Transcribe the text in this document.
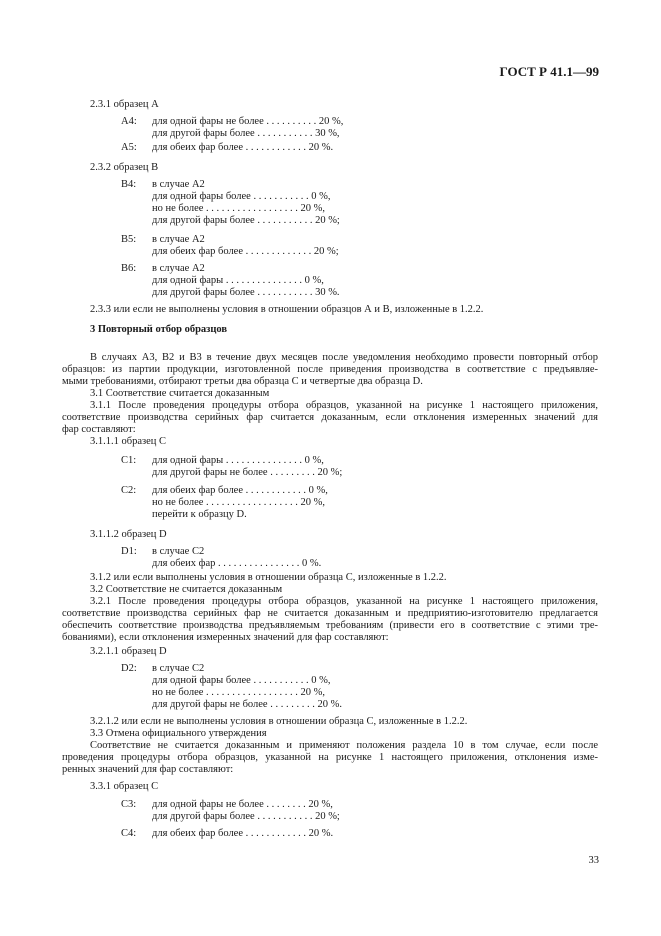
ГОСТ Р 41.1—99
2.3.1 образец А
A4: для одной фары не более . . . . . . . . . . 20 %,
для другой фары более . . . . . . . . . . . 30 %,
A5: для обеих фар более . . . . . . . . . . . . 20 %.
2.3.2 образец В
B4: в случае А2
для одной фары более . . . . . . . . . . . 0 %,
но не более . . . . . . . . . . . . . . . . . . 20 %,
для другой фары более . . . . . . . . . . . 20 %;
B5: в случае А2
для обеих фар более . . . . . . . . . . . . . 20 %;
B6: в случае А2
для одной фары . . . . . . . . . . . . . . . 0 %,
для другой фары более . . . . . . . . . . . 30 %.
2.3.3 или если не выполнены условия в отношении образцов А и В, изложенные в 1.2.2.
3 Повторный отбор образцов
В случаях А3, В2 и В3 в течение двух месяцев после уведомления необходимо провести повторный отбор
образцов: из партии продукции, изготовленной после приведения производства в соответствие с предъявляе-
мыми требованиями, отбирают третьи два образца С и четвертые два образца D.
3.1 Соответствие считается доказанным
3.1.1 После проведения процедуры отбора образцов, указанной на рисунке 1 настоящего приложения,
соответствие производства серийных фар считается доказанным, если отклонения измеренных значений для
фар составляют:
3.1.1.1 образец С
C1: для одной фары . . . . . . . . . . . . . . . 0 %,
для другой фары не более . . . . . . . . . 20 %;
C2: для обеих фар более . . . . . . . . . . . . 0 %,
но не более . . . . . . . . . . . . . . . . . . 20 %,
перейти к образцу D.
3.1.1.2 образец D
D1: в случае С2
для обеих фар . . . . . . . . . . . . . . . . 0 %.
3.1.2 или если выполнены условия в отношении образца С, изложенные в 1.2.2.
3.2 Соответствие не считается доказанным
3.2.1 После проведения процедуры отбора образцов, указанной на рисунке 1 настоящего приложения,
соответствие производства серийных фар не считается доказанным и предприятию-изготовителю предлагается
обеспечить соответствие производства предъявляемым требованиям (привести его в соответствие с этими тре-
бованиями), если отклонения измеренных значений для фар составляют:
3.2.1.1 образец D
D2: в случае С2
для одной фары более . . . . . . . . . . . 0 %,
но не более . . . . . . . . . . . . . . . . . . 20 %,
для другой фары не более . . . . . . . . . 20 %.
3.2.1.2 или если не выполнены условия в отношении образца С, изложенные в 1.2.2.
3.3 Отмена официального утверждения
Соответствие не считается доказанным и применяют положения раздела 10 в том случае, если после
проведения процедуры отбора образцов, указанной на рисунке 1 настоящего приложения, отклонения изме-
ренных значений для фар составляют:
3.3.1 образец С
C3: для одной фары не более . . . . . . . . 20 %,
для другой фары более . . . . . . . . . . . 20 %;
C4: для обеих фар более . . . . . . . . . . . . 20 %.
33
